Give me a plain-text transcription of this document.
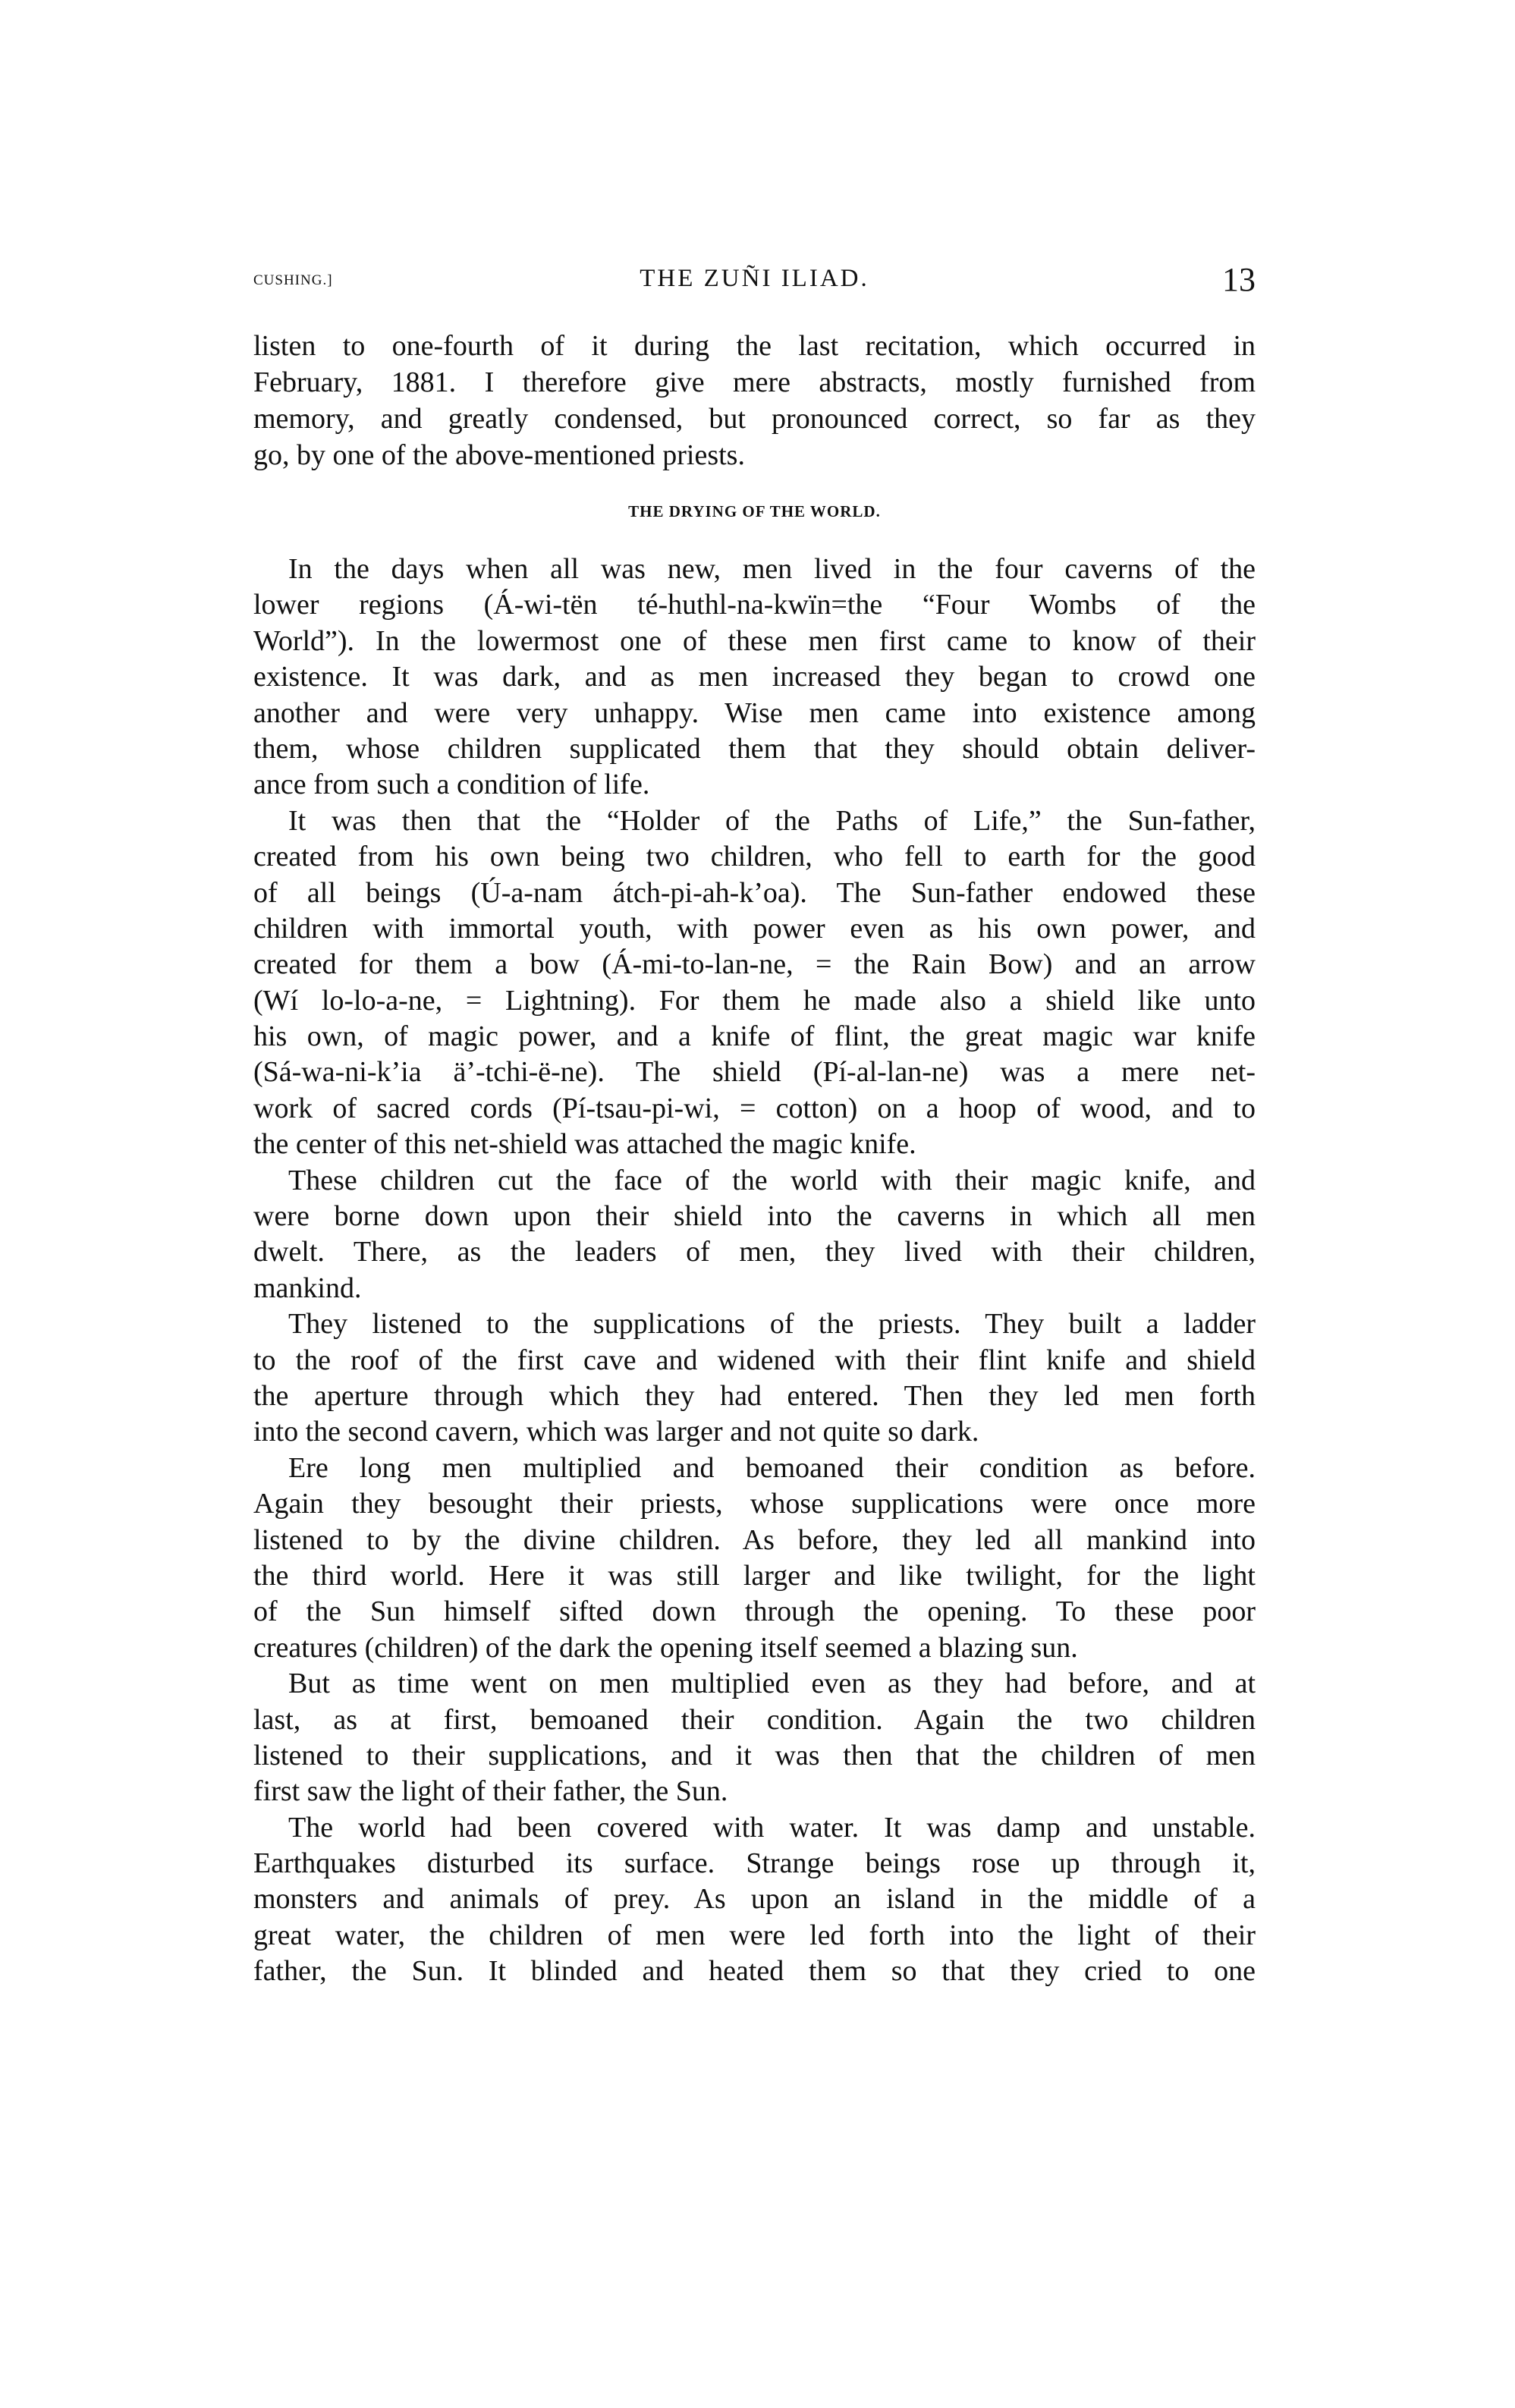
CUSHING.]	THE ZUÑI ILIAD.	13
listen to one-fourth of it during the last recitation, which occurred in
February, 1881. I therefore give mere abstracts, mostly furnished from
memory, and greatly condensed, but pronounced correct, so far as they
go, by one of the above-mentioned priests.
THE DRYING OF THE WORLD.
In the days when all was new, men lived in the four caverns of the
lower regions (Á-wi-tën té-huthl-na-kwïn=the “Four Wombs of the
World”). In the lowermost one of these men first came to know of their
existence. It was dark, and as men increased they began to crowd one
another and were very unhappy. Wise men came into existence among
them, whose children supplicated them that they should obtain deliver-
ance from such a condition of life.
It was then that the “Holder of the Paths of Life,” the Sun-father,
created from his own being two children, who fell to earth for the good
of all beings (Ú-a-nam átch-pi-ah-k’oa). The Sun-father endowed these
children with immortal youth, with power even as his own power, and
created for them a bow (Á-mi-to-lan-ne, = the Rain Bow) and an arrow
(Wí lo-lo-a-ne, = Lightning). For them he made also a shield like unto
his own, of magic power, and a knife of flint, the great magic war knife
(Sá-wa-ni-k’ia ä’-tchi-ë-ne). The shield (Pí-al-lan-ne) was a mere net-
work of sacred cords (Pí-tsau-pi-wi, = cotton) on a hoop of wood, and to
the center of this net-shield was attached the magic knife.
These children cut the face of the world with their magic knife, and
were borne down upon their shield into the caverns in which all men
dwelt. There, as the leaders of men, they lived with their children,
mankind.
They listened to the supplications of the priests. They built a ladder
to the roof of the first cave and widened with their flint knife and shield
the aperture through which they had entered. Then they led men forth
into the second cavern, which was larger and not quite so dark.
Ere long men multiplied and bemoaned their condition as before.
Again they besought their priests, whose supplications were once more
listened to by the divine children. As before, they led all mankind into
the third world. Here it was still larger and like twilight, for the light
of the Sun himself sifted down through the opening. To these poor
creatures (children) of the dark the opening itself seemed a blazing sun.
But as time went on men multiplied even as they had before, and at
last, as at first, bemoaned their condition. Again the two children
listened to their supplications, and it was then that the children of men
first saw the light of their father, the Sun.
The world had been covered with water. It was damp and unstable.
Earthquakes disturbed its surface. Strange beings rose up through it,
monsters and animals of prey. As upon an island in the middle of a
great water, the children of men were led forth into the light of their
father, the Sun. It blinded and heated them so that they cried to one
